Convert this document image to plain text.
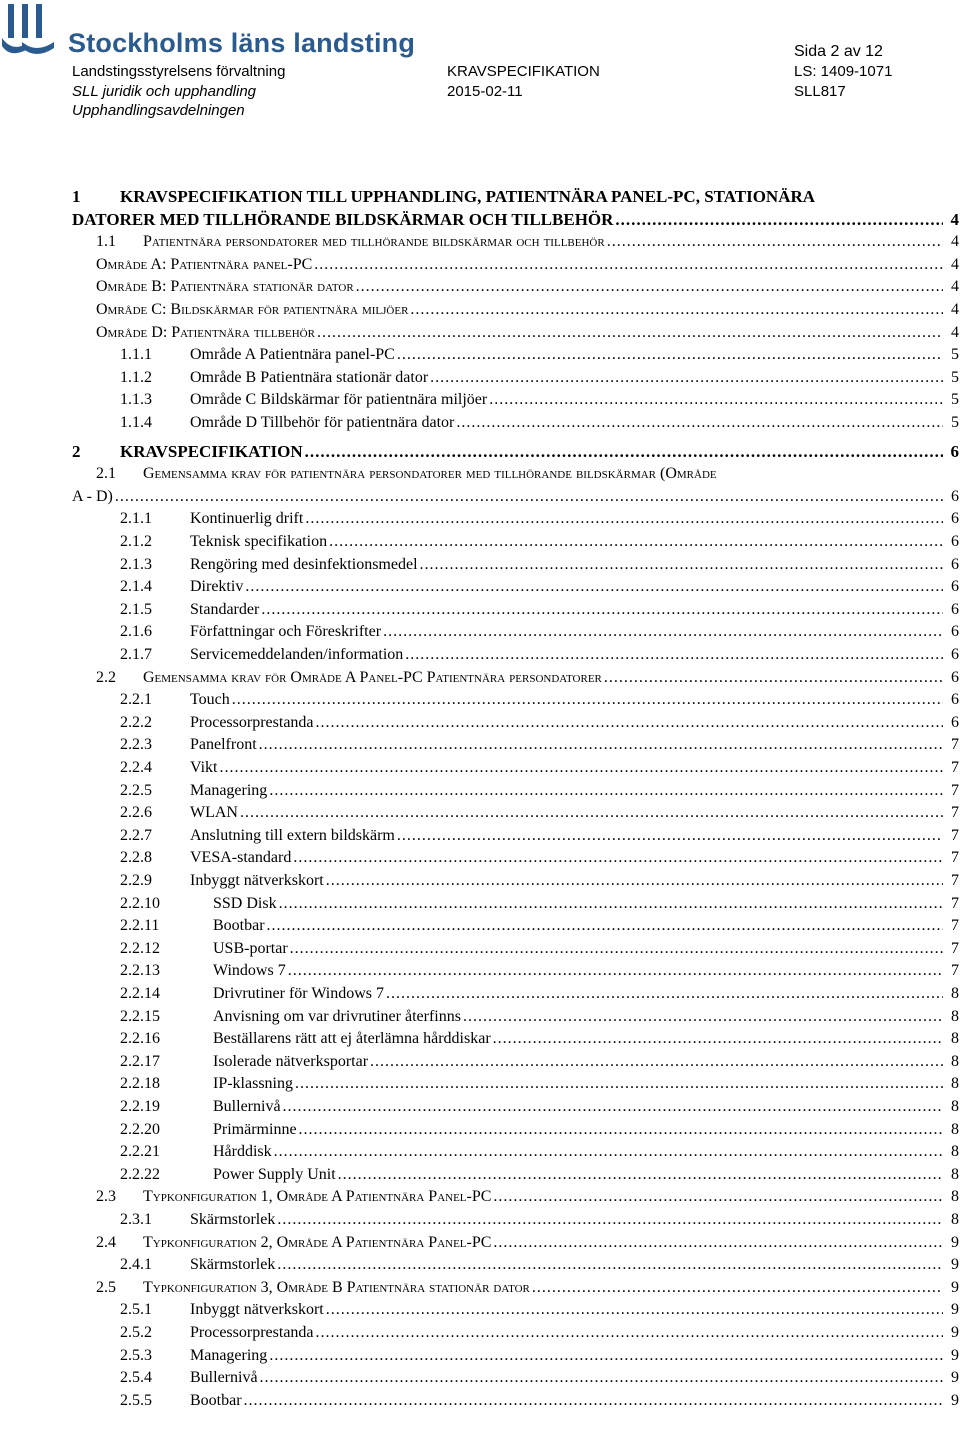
Stockholms läns landsting
Landstingsstyrelsens förvaltning
SLL juridik och upphandling
Upphandlingsavdelningen
KRAVSPECIFIKATION
2015-02-11
Sida 2 av 12
LS: 1409-1071
SLL817
1 KRAVSPECIFIKATION TILL UPPHANDLING, PATIENTNÄRA PANEL-PC, STATIONÄRA
DATORER MED TILLHÖRANDE BILDSKÄRMAR OCH TILLBEHÖR .....	4
1.1 Patientnära persondatorer med tillhörande bildskärmar och tillbehör .....	4
Område A: Patientnära panel-PC .....	4
Område B: Patientnära stationär dator .....	4
Område C: Bildskärmar för patientnära miljöer .....	4
Område D: Patientnära tillbehör .....	4
1.1.1 Område A Patientnära panel-PC .....	5
1.1.2 Område B Patientnära stationär dator .....	5
1.1.3 Område C Bildskärmar för patientnära miljöer .....	5
1.1.4 Område D Tillbehör för patientnära dator .....	5
2 KRAVSPECIFIKATION .....	6
2.1 Gemensamma krav för patientnära persondatorer med tillhörande bildskärmar (Område
A - D) .....	6
2.1.1 Kontinuerlig drift .....	6
2.1.2 Teknisk specifikation .....	6
2.1.3 Rengöring med desinfektionsmedel .....	6
2.1.4 Direktiv .....	6
2.1.5 Standarder .....	6
2.1.6 Författningar och Föreskrifter .....	6
2.1.7 Servicemeddelanden/information .....	6
2.2 Gemensamma krav för Område A Panel-PC Patientnära persondatorer .....	6
2.2.1 Touch .....	6
2.2.2 Processorprestanda .....	6
2.2.3 Panelfront .....	7
2.2.4 Vikt .....	7
2.2.5 Managering .....	7
2.2.6 WLAN .....	7
2.2.7 Anslutning till extern bildskärm .....	7
2.2.8 VESA-standard .....	7
2.2.9 Inbyggt nätverkskort .....	7
2.2.10	SSD Disk .....	7
2.2.11	Bootbar .....	7
2.2.12	USB-portar .....	7
2.2.13	Windows 7 .....	7
2.2.14	Drivrutiner för Windows 7 .....	8
2.2.15	Anvisning om var drivrutiner återfinns .....	8
2.2.16	Beställarens rätt att ej återlämna hårddiskar .....	8
2.2.17	Isolerade nätverksportar .....	8
2.2.18	IP-klassning .....	8
2.2.19	Bullernivå .....	8
2.2.20	Primärminne .....	8
2.2.21	Hårddisk .....	8
2.2.22	Power Supply Unit .....	8
2.3 Typkonfiguration 1, Område A Patientnära Panel-PC .....	8
2.3.1 Skärmstorlek .....	8
2.4 Typkonfiguration 2, Område A Patientnära Panel-PC .....	9
2.4.1 Skärmstorlek .....	9
2.5 Typkonfiguration 3, Område B Patientnära stationär dator .....	9
2.5.1 Inbyggt nätverkskort .....	9
2.5.2 Processorprestanda .....	9
2.5.3 Managering .....	9
2.5.4 Bullernivå .....	9
2.5.5 Bootbar .....	9
